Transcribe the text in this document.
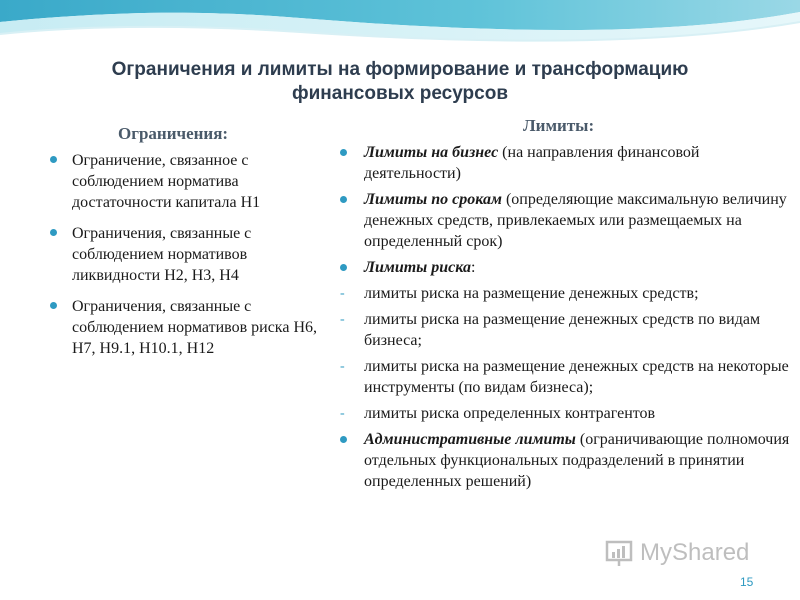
Ограничения и лимиты на формирование и трансформацию финансовых ресурсов
Ограничения:	Лимиты:
Ограничение, связанное с соблюдением норматива достаточности капитала Н1
Ограничения, связанные с соблюдением нормативов ликвидности Н2, Н3, Н4
Ограничения, связанные с соблюдением нормативов риска Н6, Н7, Н9.1, Н10.1, Н12
Лимиты на бизнес (на направления финансовой деятельности)
Лимиты по срокам (определяющие максимальную величину денежных средств, привлекаемых или размещаемых на определенный срок)
Лимиты риска:
- лимиты риска на размещение денежных средств;
- лимиты риска на размещение денежных средств по видам бизнеса;
- лимиты риска на размещение денежных средств на некоторые инструменты (по видам бизнеса);
- лимиты риска определенных контрагентов
Административные лимиты (ограничивающие полномочия отдельных функциональных подразделений в принятии определенных решений)
MyShared
15
